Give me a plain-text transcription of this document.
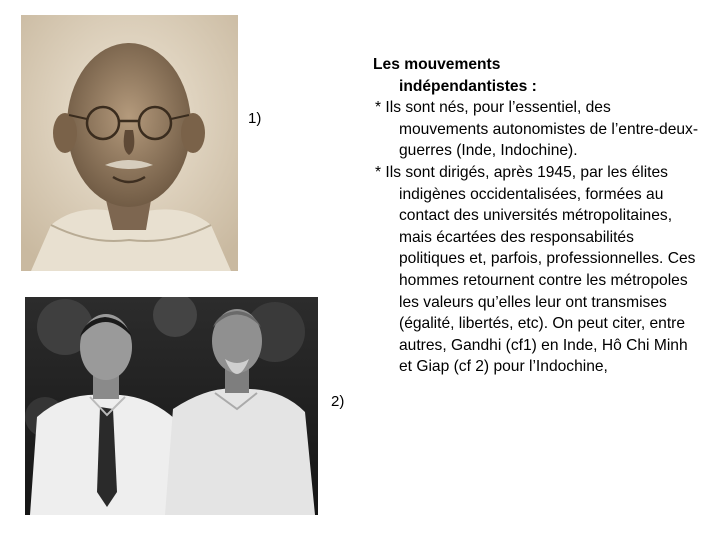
1)
2)

Les mouvements
indépendantistes :

* Ils sont nés, pour l’essentiel, des mouvements autonomistes de l’entre-deux-guerres (Inde, Indochine).

* Ils sont dirigés, après 1945, par les élites indigènes occidentalisées, formées au contact des universités métropolitaines, mais écartées des responsabilités politiques et, parfois, professionnelles. Ces hommes retournent contre les métropoles les valeurs qu’elles leur ont transmises (égalité, libertés, etc). On peut citer, entre autres, Gandhi (cf1) en Inde, Hô Chi Minh et Giap (cf 2) pour l’Indochine,
